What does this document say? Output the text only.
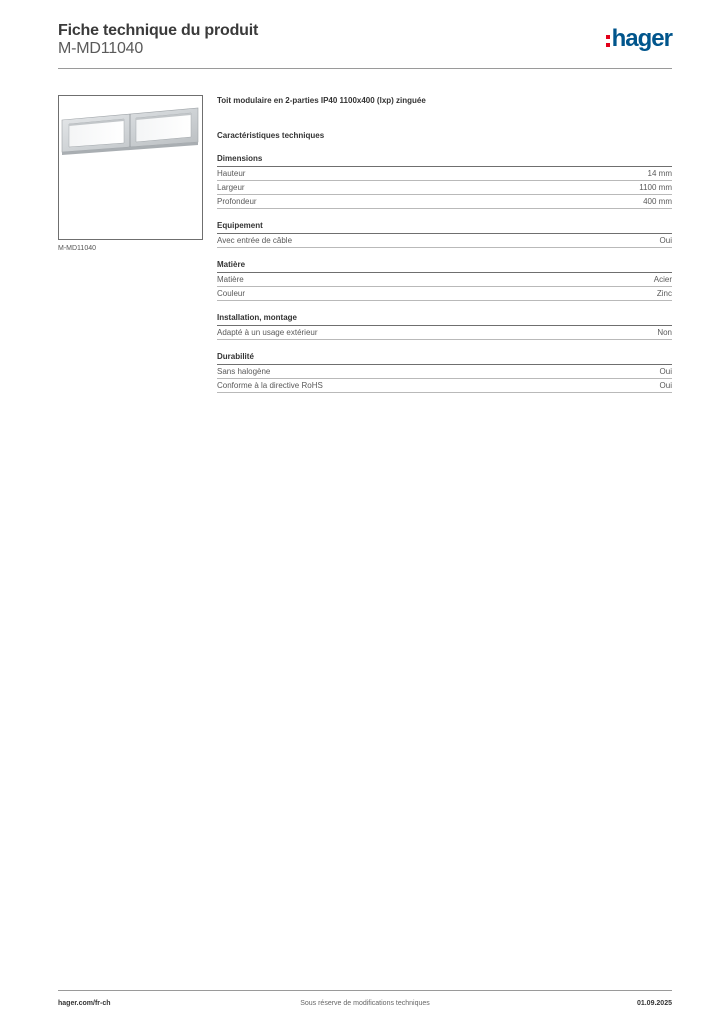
Fiche technique du produit
M-MD11040	hager
M-MD11040
Toit modulaire en 2-parties IP40 1100x400 (lxp) zinguée
Caractéristiques techniques
Dimensions
Hauteur	14 mm
Largeur	1100 mm
Profondeur	400 mm
Equipement
Avec entrée de câble	Oui
Matière
Matière	Acier
Couleur	Zinc
Installation, montage
Adapté à un usage extérieur	Non
Durabilité
Sans halogène	Oui
Conforme à la directive RoHS	Oui
hager.com/fr-ch	Sous réserve de modifications techniques	01.09.2025
